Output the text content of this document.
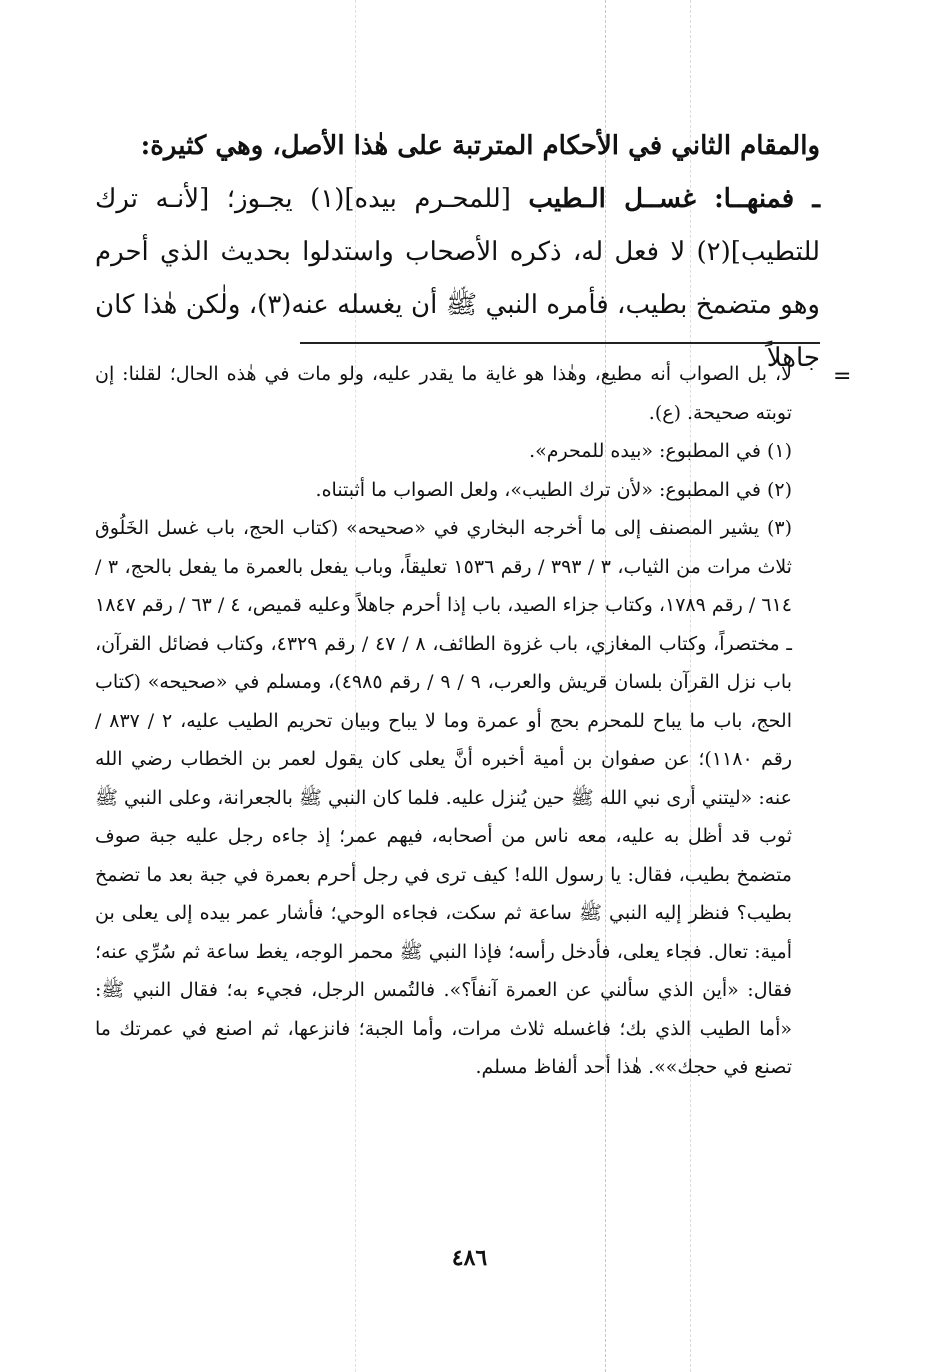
والمقام الثاني في الأحكام المترتبة على هٰذا الأصل، وهي كثيرة:

ـ فمنهــا: غســل الـطيب [للمحـرم بيده](١) يجـوز؛ [لأنـه ترك للتطيب](٢) لا فعل له، ذكره الأصحاب واستدلوا بحديث الذي أحرم وهو متضمخ بطيب، فأمره النبي ﷺ أن يغسله عنه(٣)، ولٰكن هٰذا كان جاهلاً

=

لا، بل الصواب أنه مطيع، وهٰذا هو غاية ما يقدر عليه، ولو مات في هٰذه الحال؛ لقلنا: إن توبته صحيحة. (ع).

(١) في المطبوع: «بيده للمحرم».

(٢) في المطبوع: «لأن ترك الطيب»، ولعل الصواب ما أثبتناه.

(٣) يشير المصنف إلى ما أخرجه البخاري في «صحيحه» (كتاب الحج، باب غسل الخَلُوق ثلاث مرات من الثياب، ٣ / ٣٩٣ / رقم ١٥٣٦ تعليقاً، وباب يفعل بالعمرة ما يفعل بالحج، ٣ / ٦١٤ / رقم ١٧٨٩، وكتاب جزاء الصيد، باب إذا أحرم جاهلاً وعليه قميص، ٤ / ٦٣ / رقم ١٨٤٧ ـ مختصراً، وكتاب المغازي، باب غزوة الطائف، ٨ / ٤٧ / رقم ٤٣٢٩، وكتاب فضائل القرآن، باب نزل القرآن بلسان قريش والعرب، ٩ / ٩ / رقم ٤٩٨٥)، ومسلم في «صحيحه» (كتاب الحج، باب ما يباح للمحرم بحج أو عمرة وما لا يباح وبيان تحريم الطيب عليه، ٢ / ٨٣٧ / رقم ١١٨٠)؛ عن صفوان بن أمية أخبره أنَّ يعلى كان يقول لعمر بن الخطاب رضي الله عنه: «ليتني أرى نبي الله ﷺ حين يُنزل عليه. فلما كان النبي ﷺ بالجعرانة، وعلى النبي ﷺ ثوب قد أظل به عليه، معه ناس من أصحابه، فيهم عمر؛ إذ جاءه رجل عليه جبة صوف متضمخ بطيب، فقال: يا رسول الله! كيف ترى في رجل أحرم بعمرة في جبة بعد ما تضمخ بطيب؟ فنظر إليه النبي ﷺ ساعة ثم سكت، فجاءه الوحي؛ فأشار عمر بيده إلى يعلى بن أمية: تعال. فجاء يعلى، فأدخل رأسه؛ فإذا النبي ﷺ محمر الوجه، يغط ساعة ثم سُرِّي عنه؛ فقال: «أين الذي سألني عن العمرة آنفاً؟». فالتُمس الرجل، فجيء به؛ فقال النبي ﷺ: «أما الطيب الذي بك؛ فاغسله ثلاث مرات، وأما الجبة؛ فانزعها، ثم اصنع في عمرتك ما تصنع في حجك»». هٰذا أحد ألفاظ مسلم.

٤٨٦
